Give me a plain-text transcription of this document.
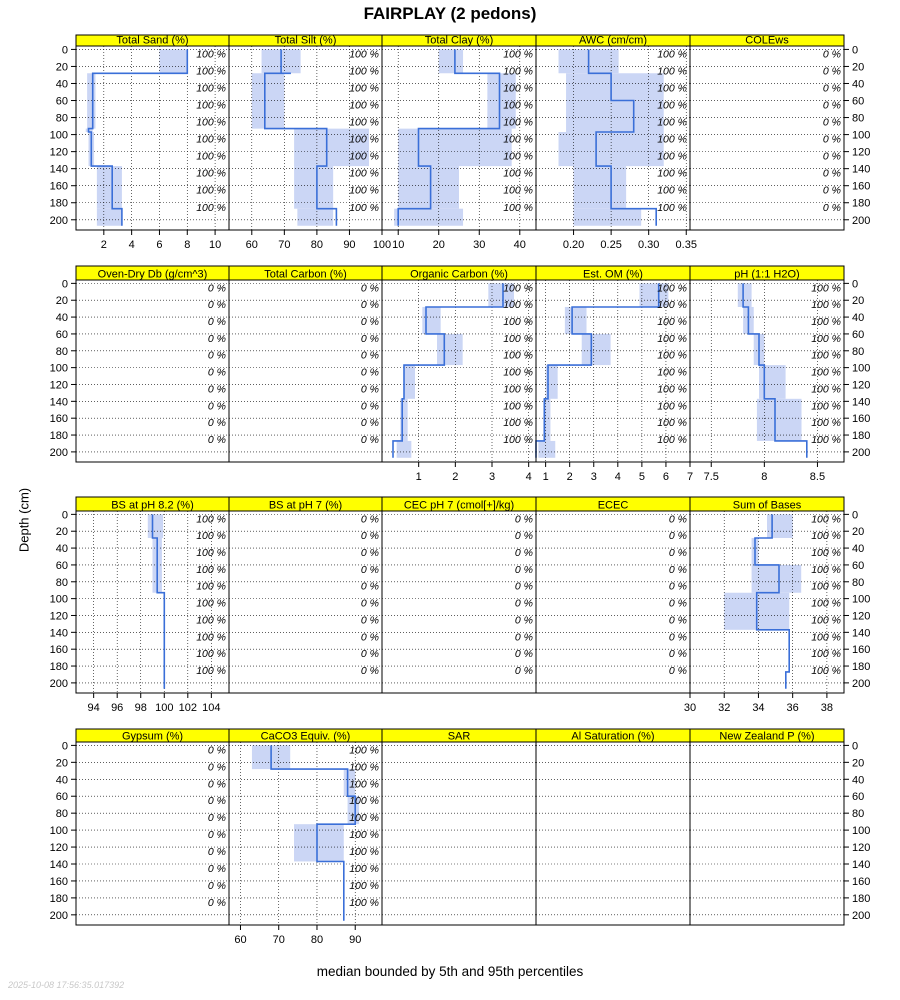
FAIRPLAY (2 pedons)
Depth (cm)
Total Sand (%)
100 %
100 %
100 %
100 %
100 %
100 %
100 %
100 %
100 %
100 %
2 4 6 8 10
Total Silt (%)
100 %
100 %
100 %
100 %
100 %
100 %
100 %
100 %
100 %
100 %
60 70 80 90 100
Total Clay (%)
100 %
100 %
100 %
100 %
100 %
100 %
100 %
100 %
100 %
100 %
10	20	30	40
AWC (cm/cm)
100 %
100 %
100 %
100 %
100 %
100 %
100 %
100 %
100 %
100 %
0.20 0.25 0.30 0.35
COLEws
0 %
0 %
0 %
0 %
0 %
0 %
0 %
0 %
0 %
0 %
Oven-Dry Db (g/cm^3)
0 %
0 %
0 %
0 %
0 %
0 %
0 %
0 %
0 %
0 %
Total Carbon (%)
0 %
0 %
0 %
0 %
0 %
0 %
0 %
0 %
0 %
0 %
Organic Carbon (%)
100 %
100 %
100 %
100 %
100 %
100 %
100 %
100 %
100 %
100 %
1	2	3	4
Est. OM (%)
100 %
100 %
100 %
100 %
100 %
100 %
100 %
100 %
100 %
100 %
1 2 3 4 5 6 7
pH (1:1 H2O)
100 %
100 %
100 %
100 %
100 %
100 %
100 %
100 %
100 %
100 %
7.5	8	8.5
BS at pH 8.2 (%)
100 %
100 %
100 %
100 %
100 %
100 %
100 %
100 %
100 %
100 %
94 96 98 100 102 104
BS at pH 7 (%)
0 %
0 %
0 %
0 %
0 %
0 %
0 %
0 %
0 %
0 %
CEC pH 7 (cmol[+]/kg)
0 %
0 %
0 %
0 %
0 %
0 %
0 %
0 %
0 %
0 %
ECEC
0 %
0 %
0 %
0 %
0 %
0 %
0 %
0 %
0 %
0 %
Sum of Bases
100 %
100 %
100 %
100 %
100 %
100 %
100 %
100 %
100 %
100 %
30 32 34 36 38
Gypsum (%)
0 %
0 %
0 %
0 %
0 %
0 %
0 %
0 %
0 %
0 %
CaCO3 Equiv. (%)
100 %
100 %
100 %
100 %
100 %
100 %
100 %
100 %
100 %
100 %
60 70 80 90
SAR	Al Saturation (%)	New Zealand P (%)
0	0
20	20
40	40
60	60
80	80
100	100
120	120
140	140
160	160
180	180
200	200
0	0
20	20
40	40
60	60
80	80
100	100
120	120
140	140
160	160
180	180
200	200
0	0
20	20
40	40
60	60
80	80
100	100
120	120
140	140
160	160
180	180
200	200
0	0
20	20
40	40
60	60
80	80
100	100
120	120
140	140
160	160
180	180
200	200
median bounded by 5th and 95th percentiles
2025-10-08 17:56:35.017392
